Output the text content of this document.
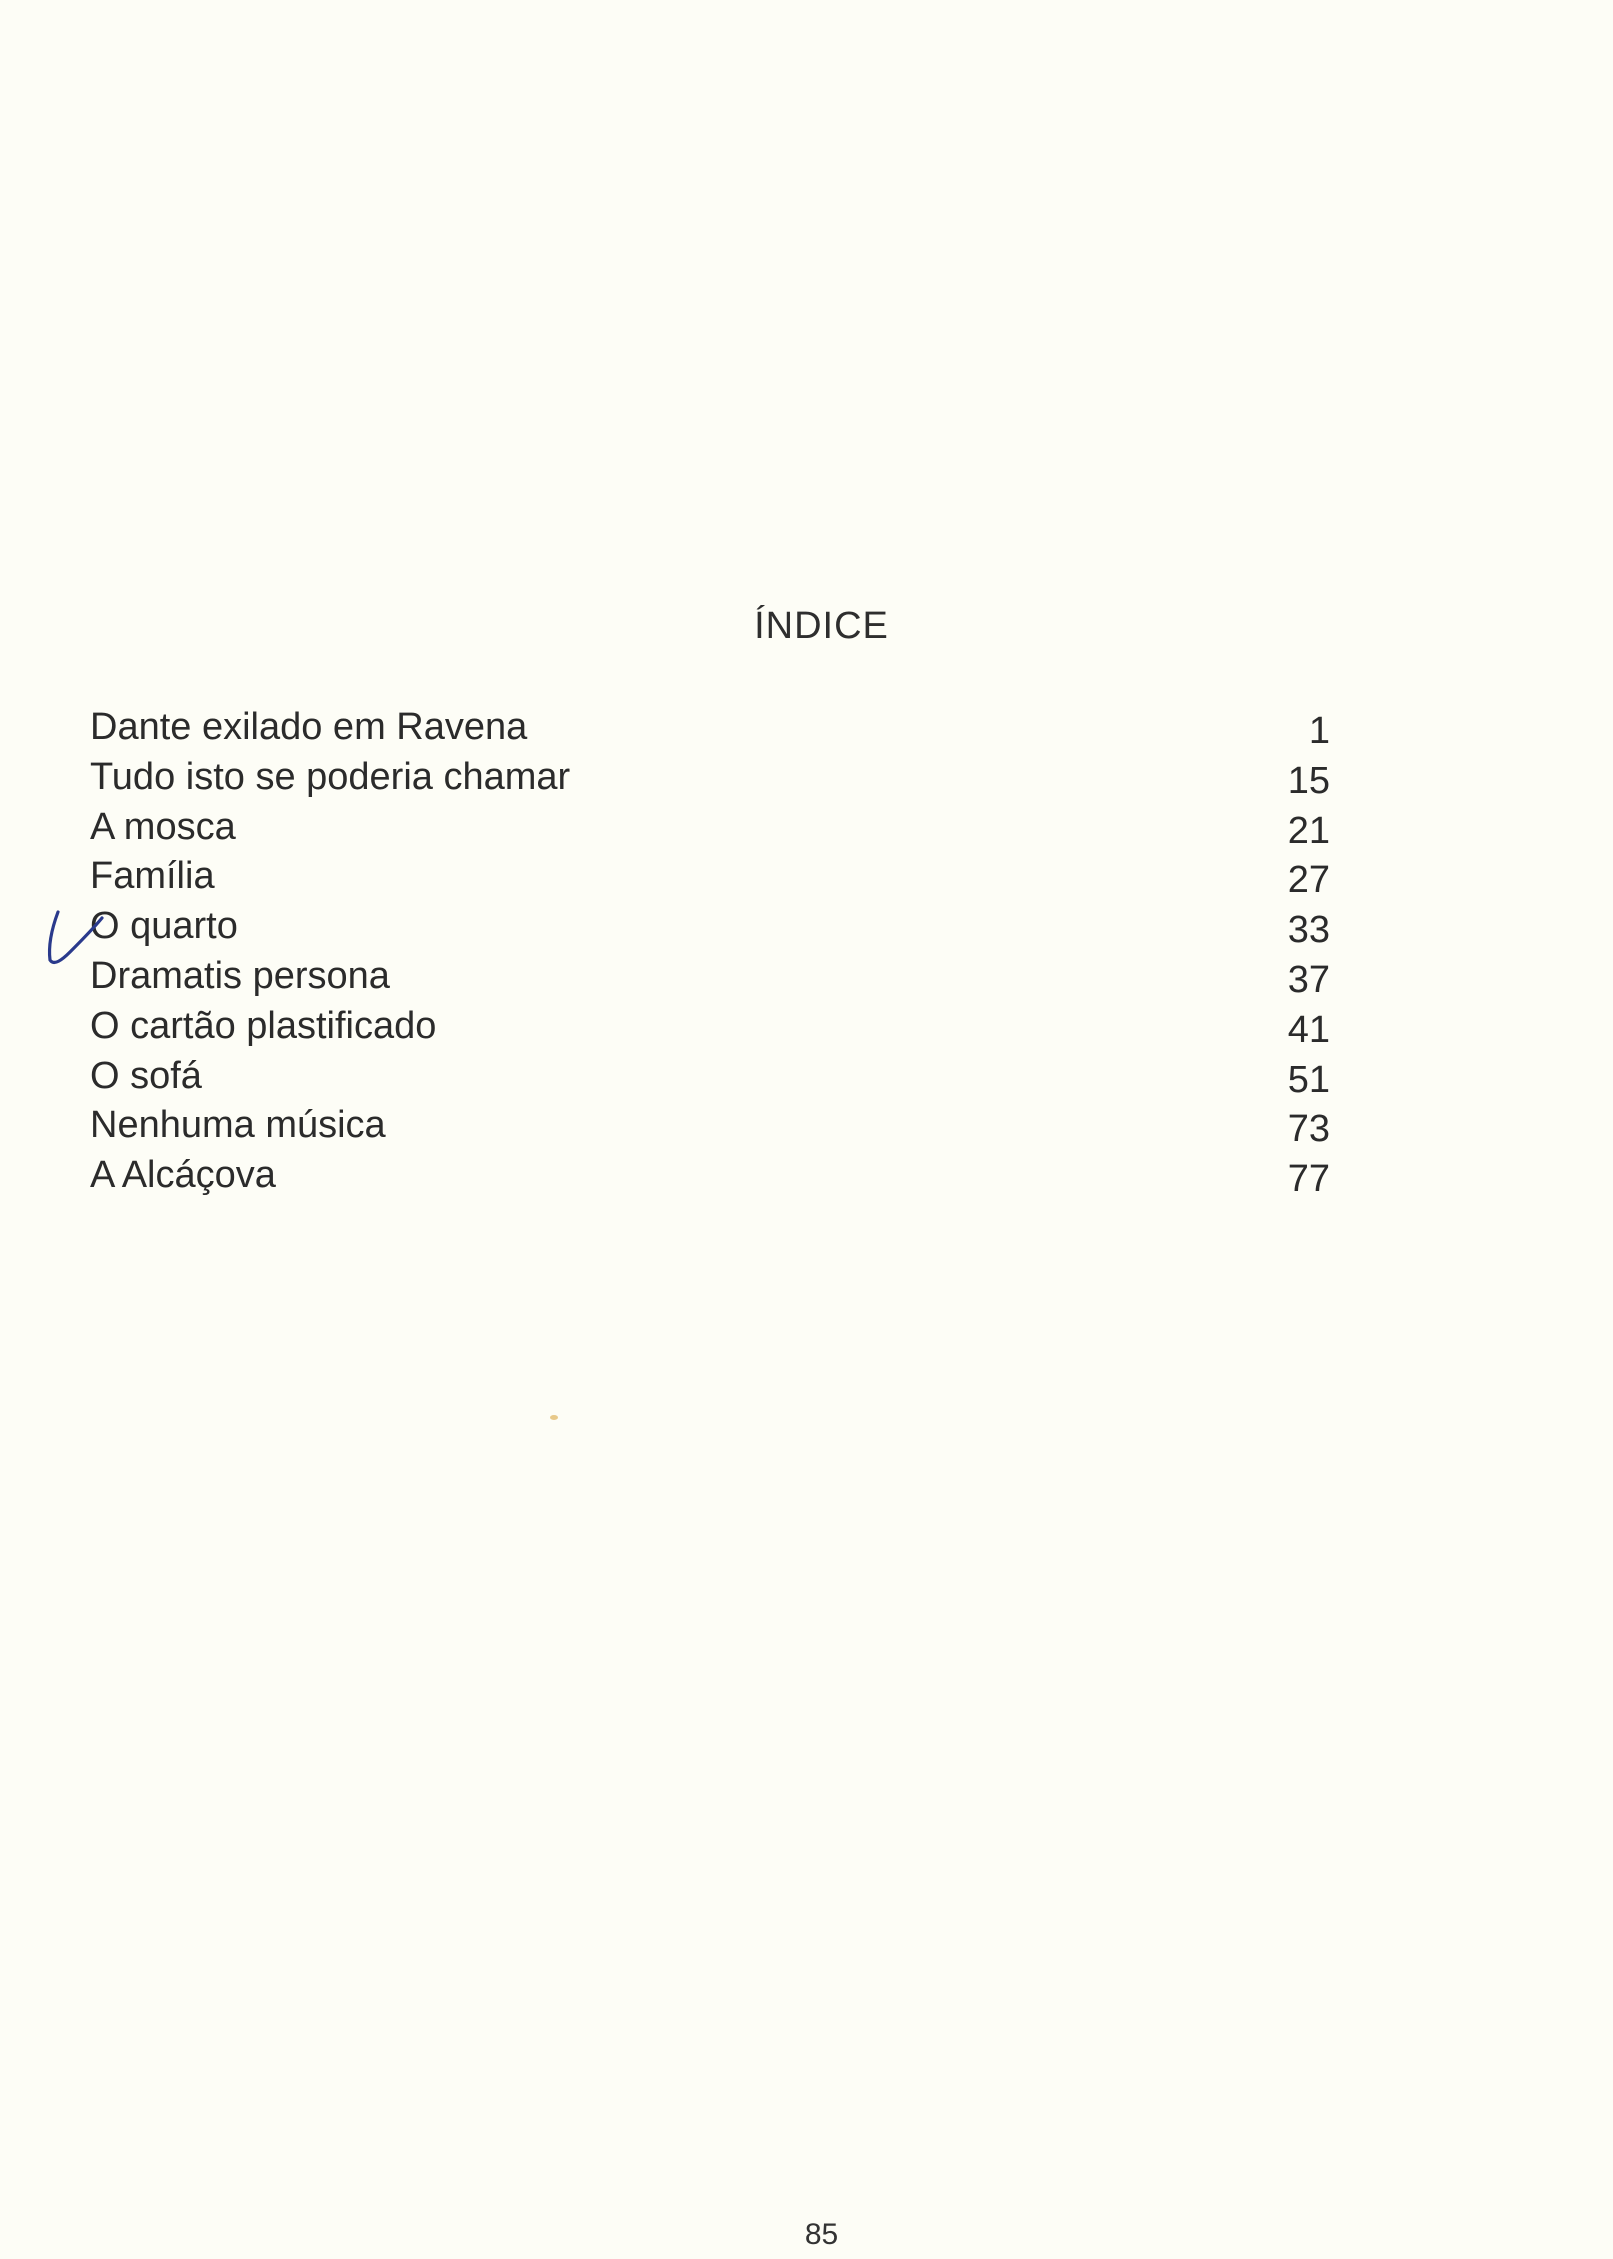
ÍNDICE
Dante exilado em Ravena	1
Tudo isto se poderia chamar	15
A mosca	21
Família	27
O quarto	33
Dramatis persona	37
O cartão plastificado	41
O sofá	51
Nenhuma música	73
A Alcáçova	77
85
